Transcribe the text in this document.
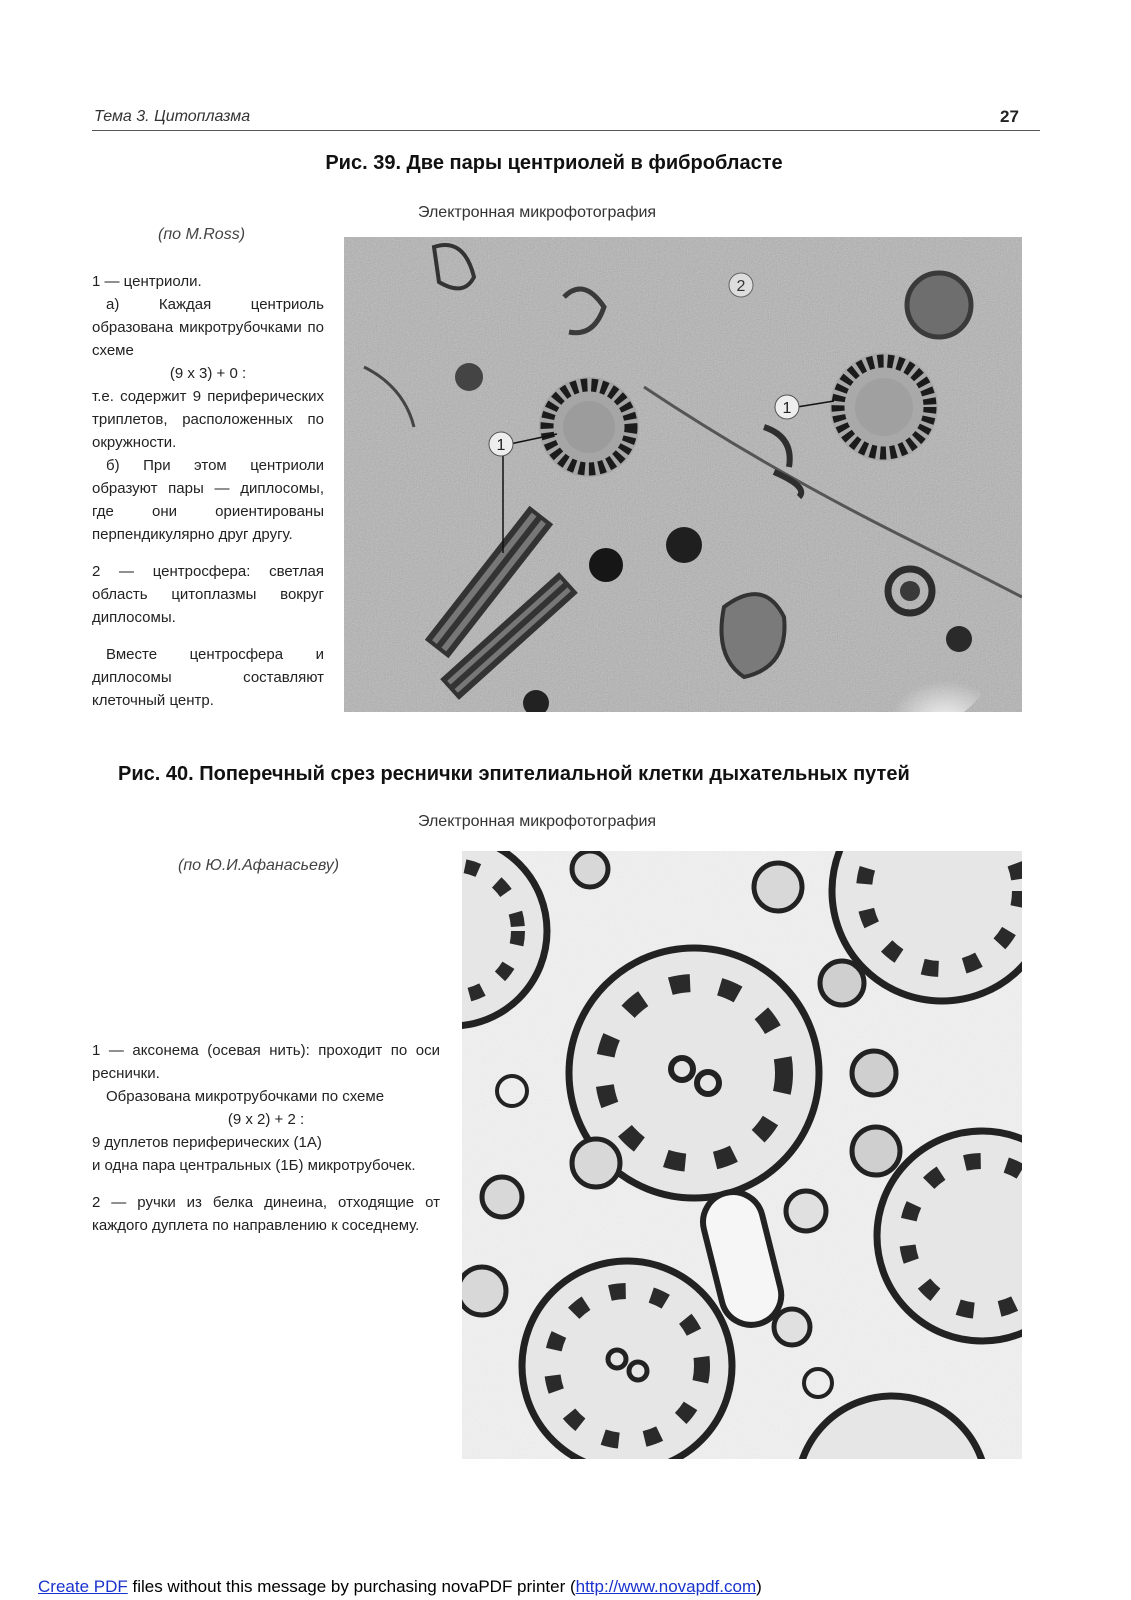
Тема 3. Цитоплазма	27
Рис. 39. Две пары центриолей в фибробласте
Электронная микрофотография
(по M.Ross)

1 — центриоли.

а) Каждая центриоль образована микротрубочками по схеме

(9 x 3) + 0 :

т.е. содержит 9 периферических триплетов, расположенных по окружности.

б) При этом центриоли образуют пары — диплосомы, где они ориентированы перпендикулярно друг другу.

2 — центросфера: светлая область цитоплазмы вокруг диплосомы.

Вместе центросфера и диплосомы составляют клеточный центр.

1
1
2
Рис. 40. Поперечный срез реснички эпителиальной клетки дыхательных путей
Электронная микрофотография
(по Ю.И.Афанасьеву)

1 — аксонема (осевая нить): проходит по оси реснички.

Образована микротрубочками по схеме

(9 x 2) + 2 :

9 дуплетов периферических (1А)

и одна пара центральных (1Б) микротрубочек.

2 — ручки из белка динеина, отходящие от каждого дуплета по направлению к соседнему.

Create PDF files without this message by purchasing novaPDF printer (http://www.novapdf.com)
